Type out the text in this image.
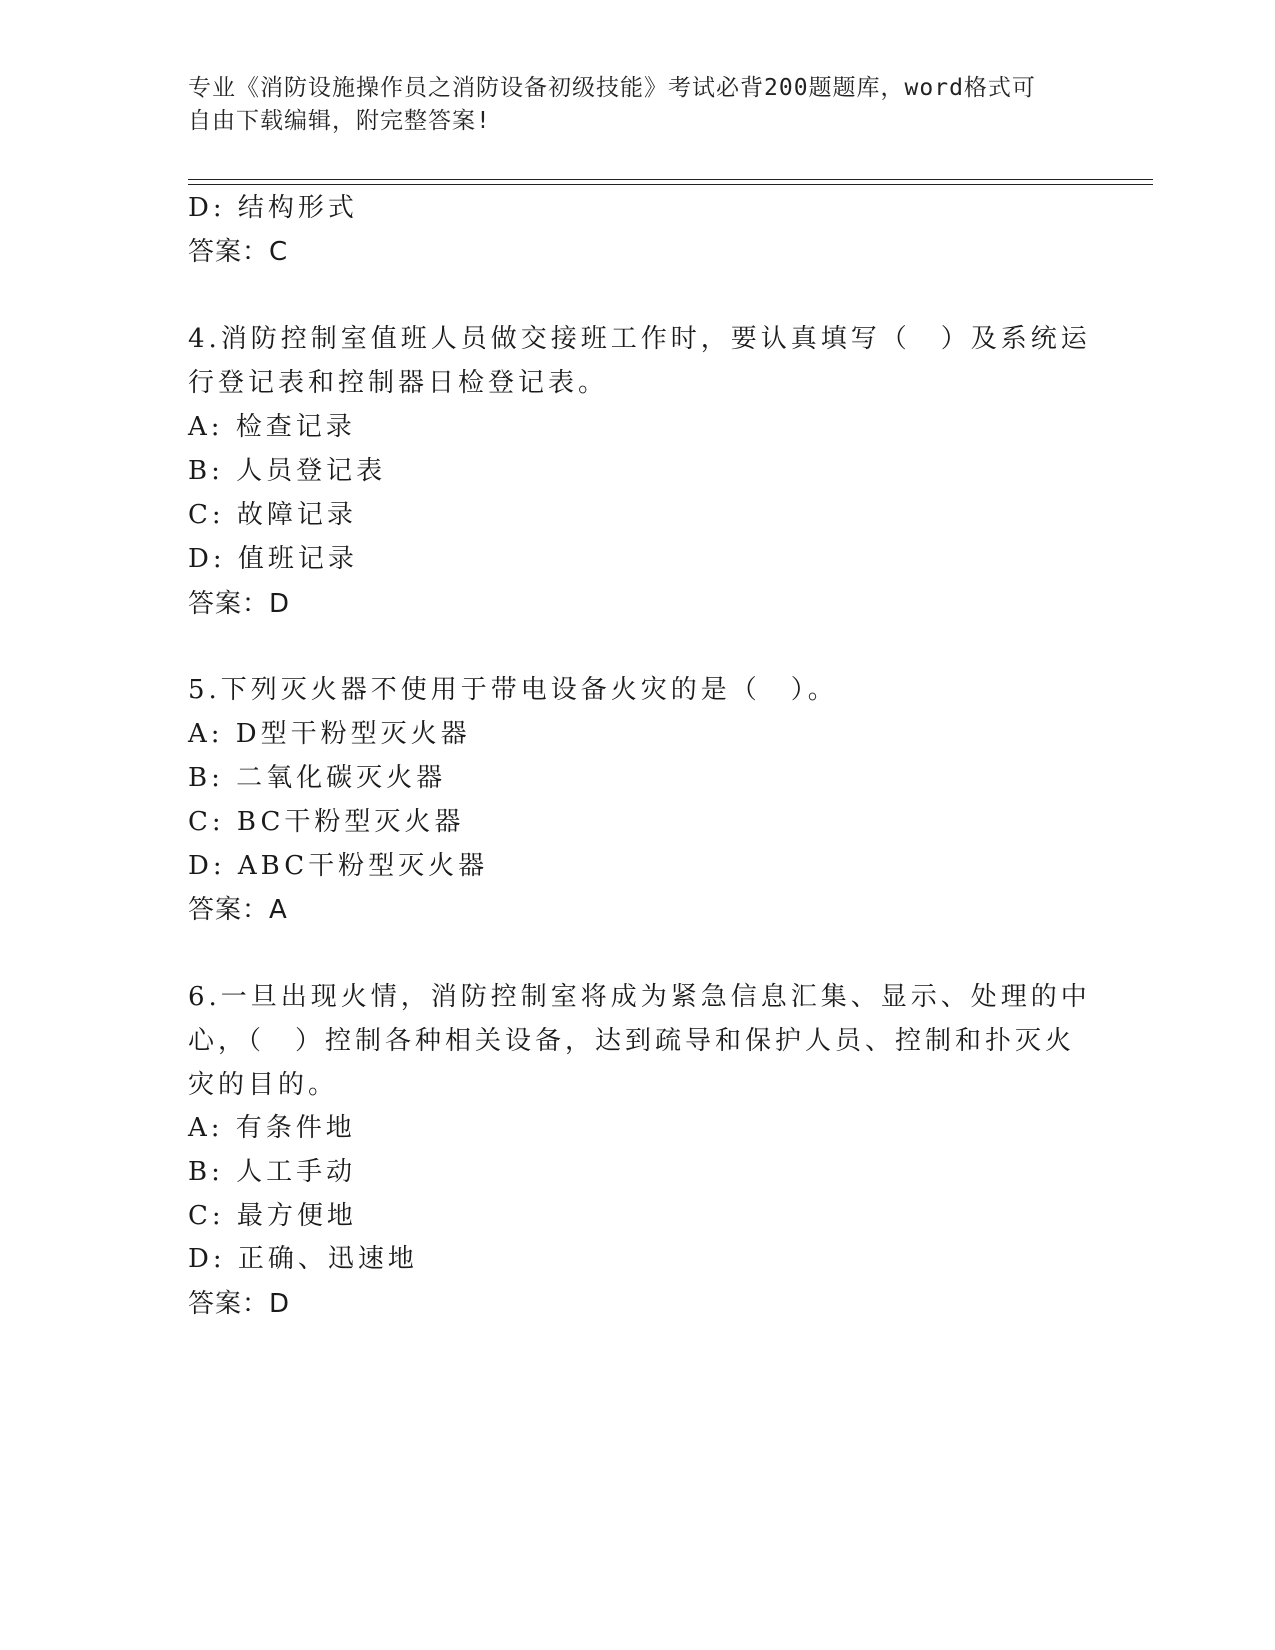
专业《消防设施操作员之消防设备初级技能》考试必背200题题库，word格式可
自由下载编辑，附完整答案!
D: 结构形式
答案：C
4.消防控制室值班人员做交接班工作时，要认真填写（　）及系统运
行登记表和控制器日检登记表。
A: 检查记录
B: 人员登记表
C: 故障记录
D: 值班记录
答案：D
5.下列灭火器不使用于带电设备火灾的是（　）。
A: D型干粉型灭火器
B: 二氧化碳灭火器
C: BC干粉型灭火器
D: ABC干粉型灭火器
答案：A
6.一旦出现火情，消防控制室将成为紧急信息汇集、显示、处理的中
心，（　）控制各种相关设备，达到疏导和保护人员、控制和扑灭火
灾的目的。
A: 有条件地
B: 人工手动
C: 最方便地
D: 正确、迅速地
答案：D
